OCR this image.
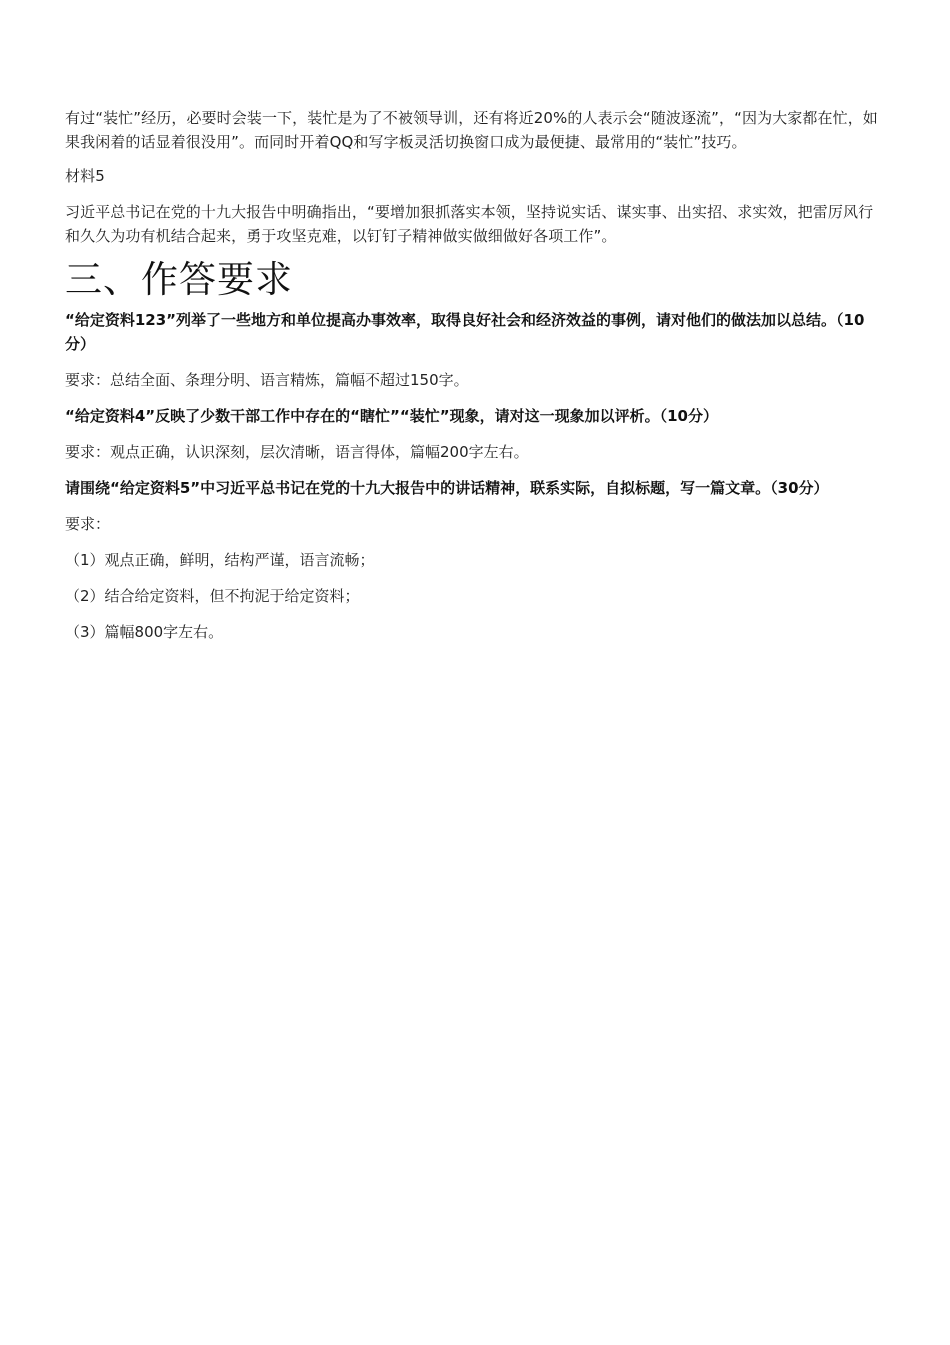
有过“装忙”经历，必要时会装一下，装忙是为了不被领导训，还有将近20%的人表示会“随波逐流”，“因为大家都在忙，如果我闲着的话显着很没用”。而同时开着QQ和写字板灵活切换窗口成为最便捷、最常用的“装忙”技巧。

材料5

习近平总书记在党的十九大报告中明确指出，“要增加狠抓落实本领，坚持说实话、谋实事、出实招、求实效，把雷厉风行和久久为功有机结合起来，勇于攻坚克难，以钉钉子精神做实做细做好各项工作”。

三、作答要求

“给定资料123”列举了一些地方和单位提高办事效率，取得良好社会和经济效益的事例，请对他们的做法加以总结。（10分）

要求：总结全面、条理分明、语言精炼，篇幅不超过150字。

“给定资料4”反映了少数干部工作中存在的“瞎忙”“装忙”现象，请对这一现象加以评析。（10分）

要求：观点正确，认识深刻，层次清晰，语言得体，篇幅200字左右。

请围绕“给定资料5”中习近平总书记在党的十九大报告中的讲话精神，联系实际，自拟标题，写一篇文章。（30分）

要求：

（1）观点正确，鲜明，结构严谨，语言流畅；

（2）结合给定资料，但不拘泥于给定资料；

（3）篇幅800字左右。
